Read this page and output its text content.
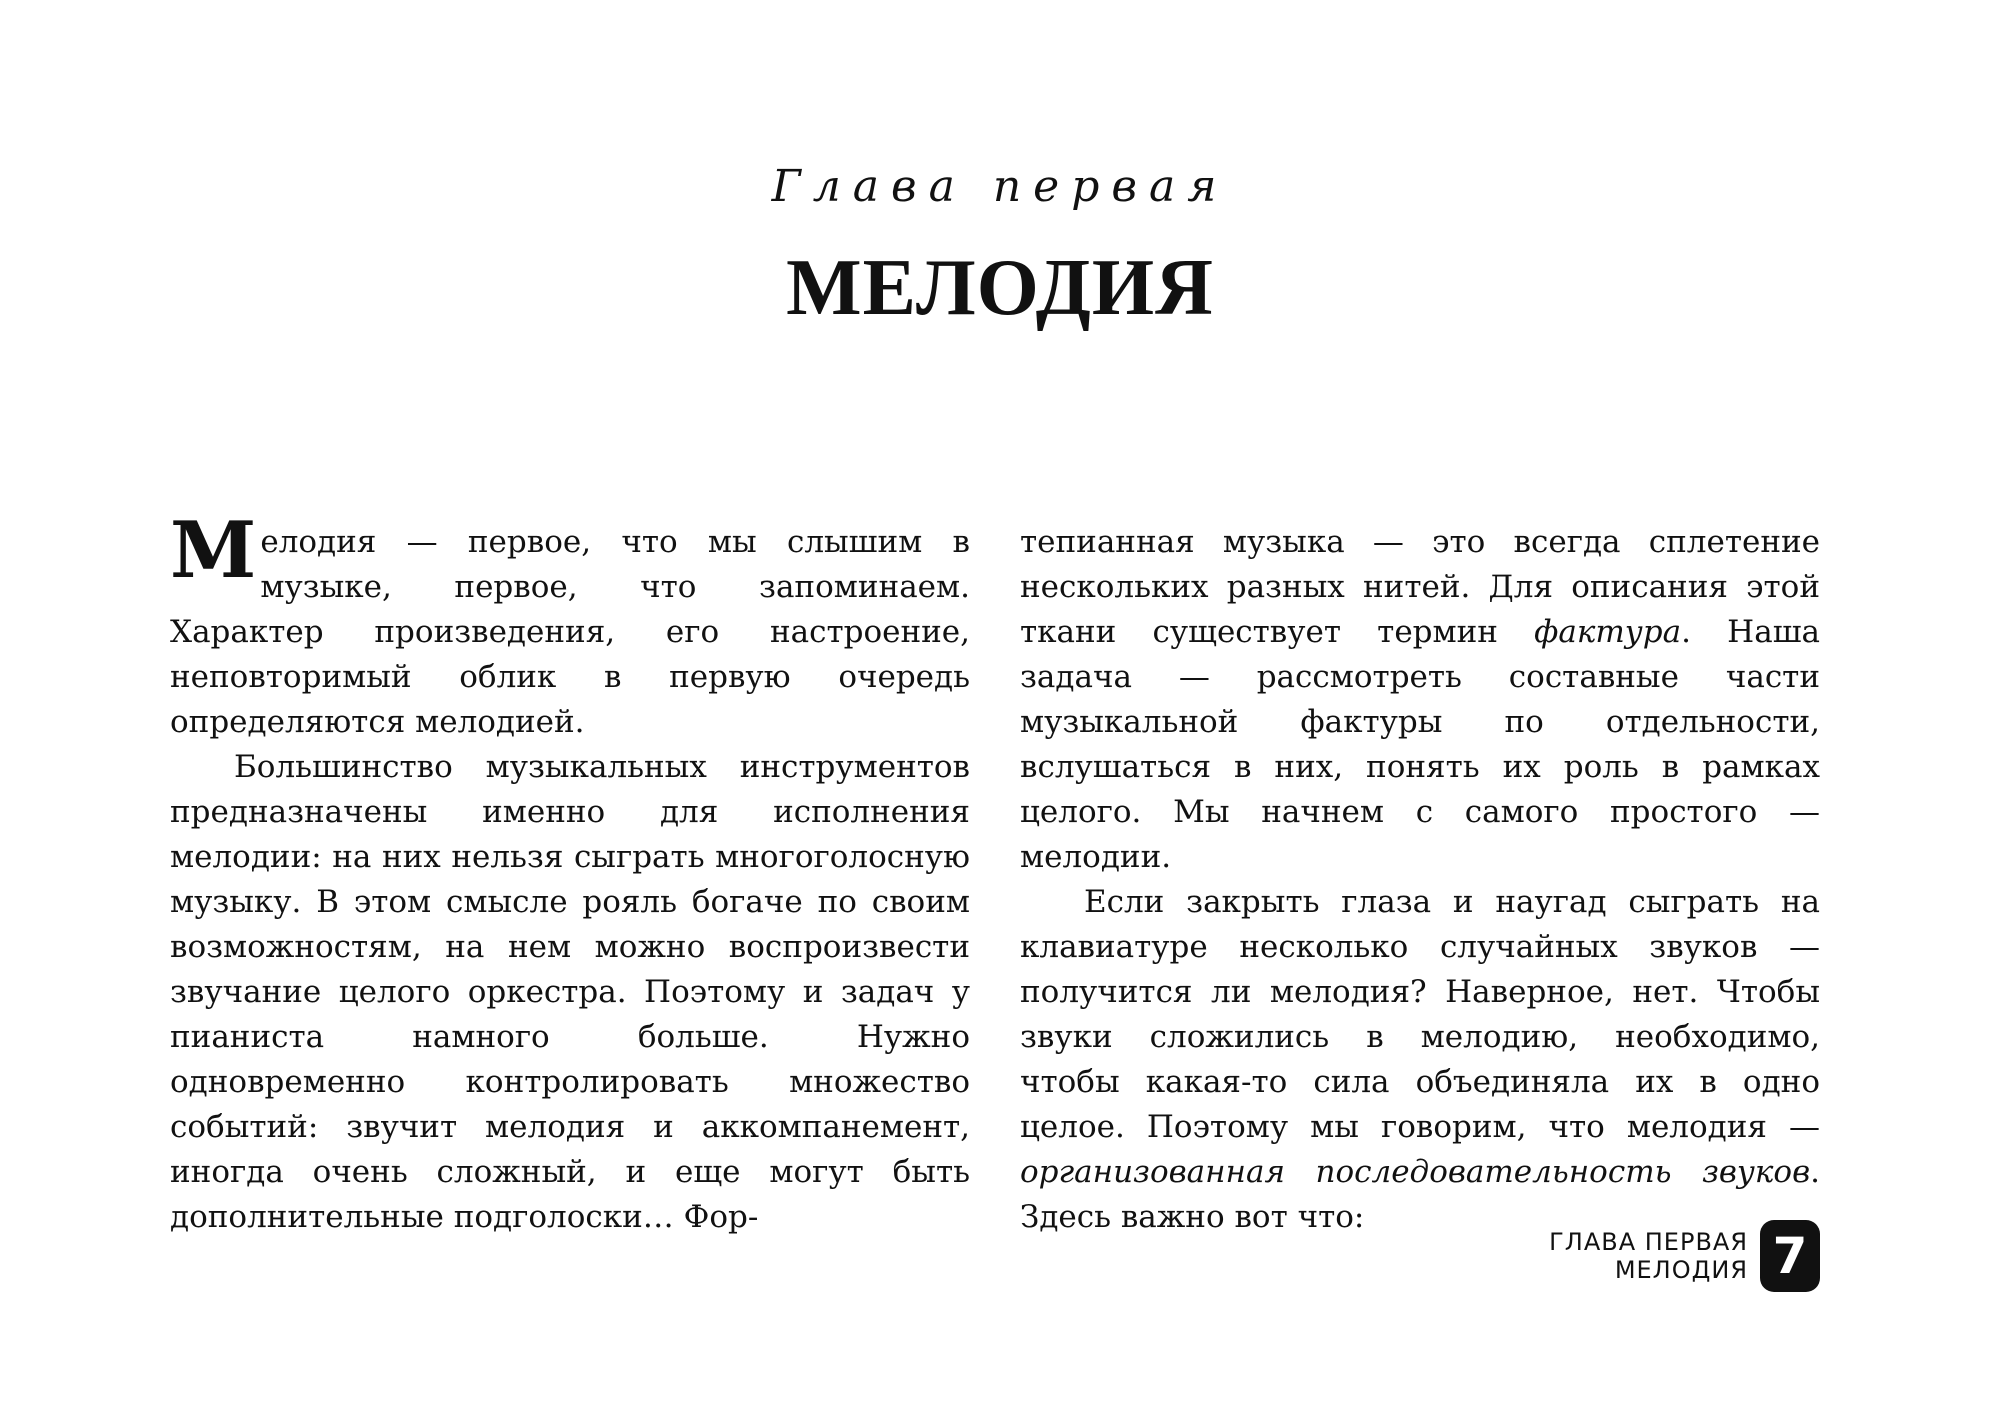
Глава первая
МЕЛОДИЯ

Мелодия — первое, что мы слышим в музыке, первое, что запоминаем. Характер произведения, его настроение, неповторимый облик в первую очередь определяются мелодией.

Большинство музыкальных инструментов предназначены именно для исполнения мелодии: на них нельзя сыграть многоголосную музыку. В этом смысле рояль богаче по своим возможностям, на нем можно воспроизвести звучание целого оркестра. Поэтому и задач у пианиста намного больше. Нужно одновременно контролировать множество событий: звучит мелодия и аккомпанемент, иногда очень сложный, и еще могут быть дополнительные подголоски… Фор-

тепианная музыка — это всегда сплетение нескольких разных нитей. Для описания этой ткани существует термин фактура. Наша задача — рассмотреть составные части музыкальной фактуры по отдельности, вслушаться в них, понять их роль в рамках целого. Мы начнем с самого простого — мелодии.

Если закрыть глаза и наугад сыграть на клавиатуре несколько случайных звуков — получится ли мелодия? Наверное, нет. Чтобы звуки сложились в мелодию, необходимо, чтобы какая-то сила объединяла их в одно целое. Поэтому мы говорим, что мелодия — организованная последовательность звуков. Здесь важно вот что:

ГЛАВА ПЕРВАЯ
МЕЛОДИЯ 7
